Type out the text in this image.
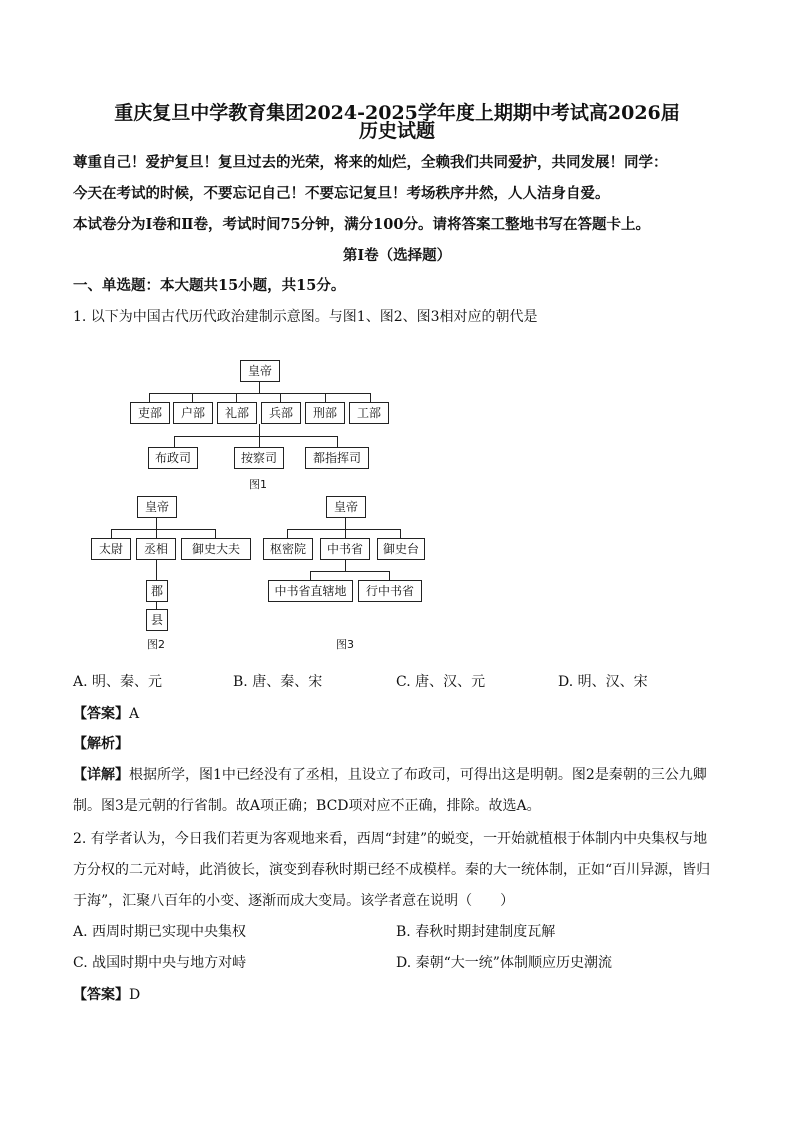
重庆复旦中学教育集团2024-2025学年度上期期中考试高2026届
历史试题
尊重自己！爱护复旦！复旦过去的光荣，将来的灿烂，全赖我们共同爱护，共同发展！同学：
今天在考试的时候，不要忘记自己！不要忘记复旦！考场秩序井然，人人洁身自爱。
本试卷分为Ⅰ卷和Ⅱ卷，考试时间75分钟，满分100分。请将答案工整地书写在答题卡上。
第Ⅰ卷（选择题）
一、单选题：本大题共15小题，共15分。
1. 以下为中国古代历代政治建制示意图。与图1、图2、图3相对应的朝代是
皇帝
吏部	户部	礼部	兵部	刑部	工部
布政司	按察司	都指挥司
图1
皇帝
太尉	丞相	御史大夫
郡
县
图2
皇帝
枢密院	中书省	御史台
中书省直辖地	行中书省
图3
A. 明、秦、元	B. 唐、秦、宋	C. 唐、汉、元	D. 明、汉、宋
【答案】A
【解析】
【详解】根据所学，图1中已经没有了丞相，且设立了布政司，可得出这是明朝。图2是秦朝的三公九卿
制。图3是元朝的行省制。故A项正确；BCD项对应不正确，排除。故选A。
2. 有学者认为，今日我们若更为客观地来看，西周“封建”的蜕变，一开始就植根于体制内中央集权与地
方分权的二元对峙，此消彼长，演变到春秋时期已经不成模样。秦的大一统体制，正如“百川异源，皆归
于海”，汇聚八百年的小变、逐渐而成大变局。该学者意在说明（　　）
A. 西周时期已实现中央集权	B. 春秋时期封建制度瓦解
C. 战国时期中央与地方对峙	D. 秦朝“大一统”体制顺应历史潮流
【答案】D
